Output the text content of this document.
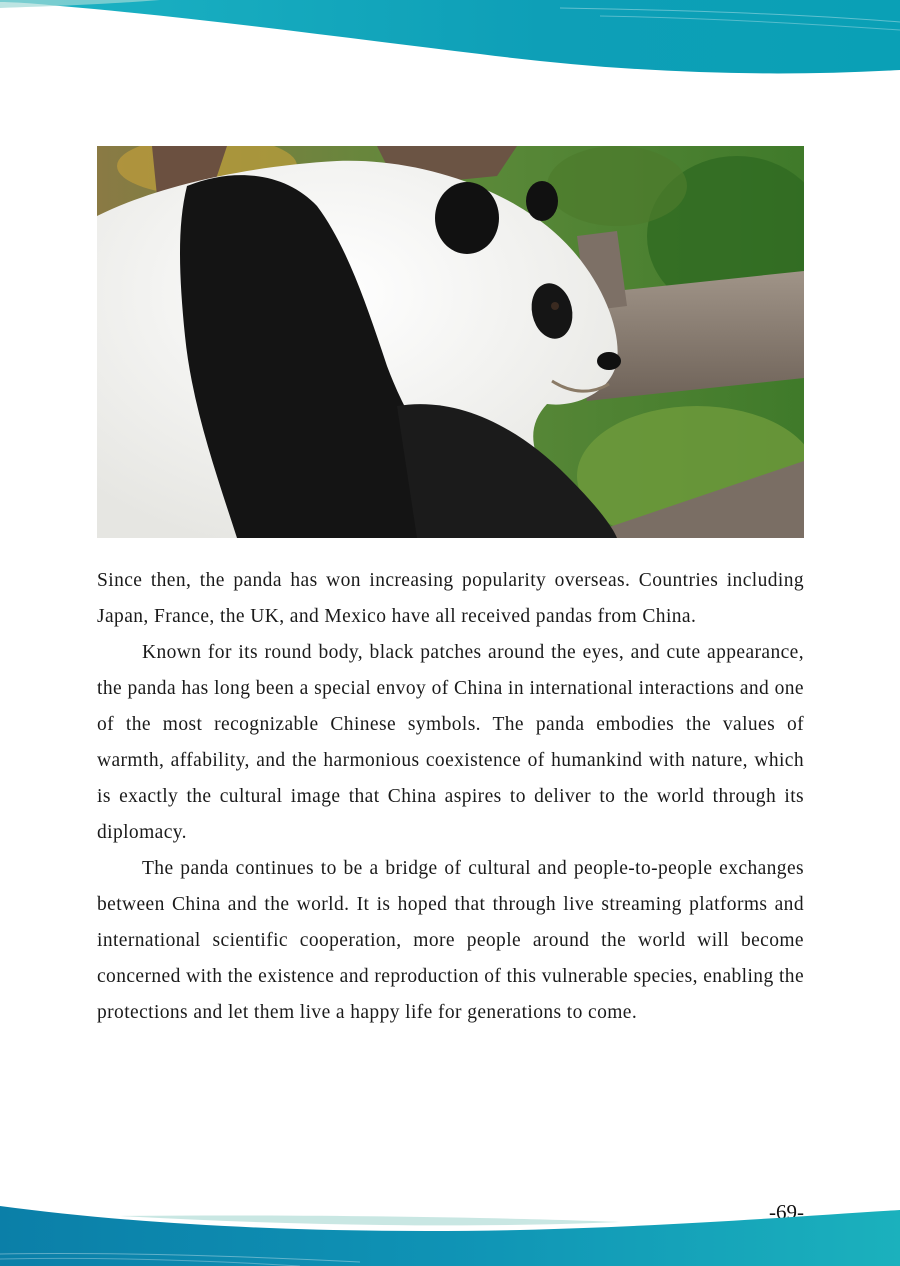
Since then, the panda has won increasing popularity overseas. Countries including Japan, France, the UK, and Mexico have all received pandas from China.

Known for its round body, black patches around the eyes, and cute appearance, the panda has long been a special envoy of China in international interactions and one of the most recognizable Chinese symbols. The panda embodies the values of warmth, affability, and the harmonious coexistence of humankind with nature, which is exactly the cultural image that China aspires to deliver to the world through its diplomacy.

The panda continues to be a bridge of cultural and people-to-people exchanges between China and the world. It is hoped that through live streaming platforms and international scientific cooperation, more people around the world will become concerned with the existence and reproduction of this vulnerable species, enabling the protections and let them live a happy life for generations to come.

-69-
